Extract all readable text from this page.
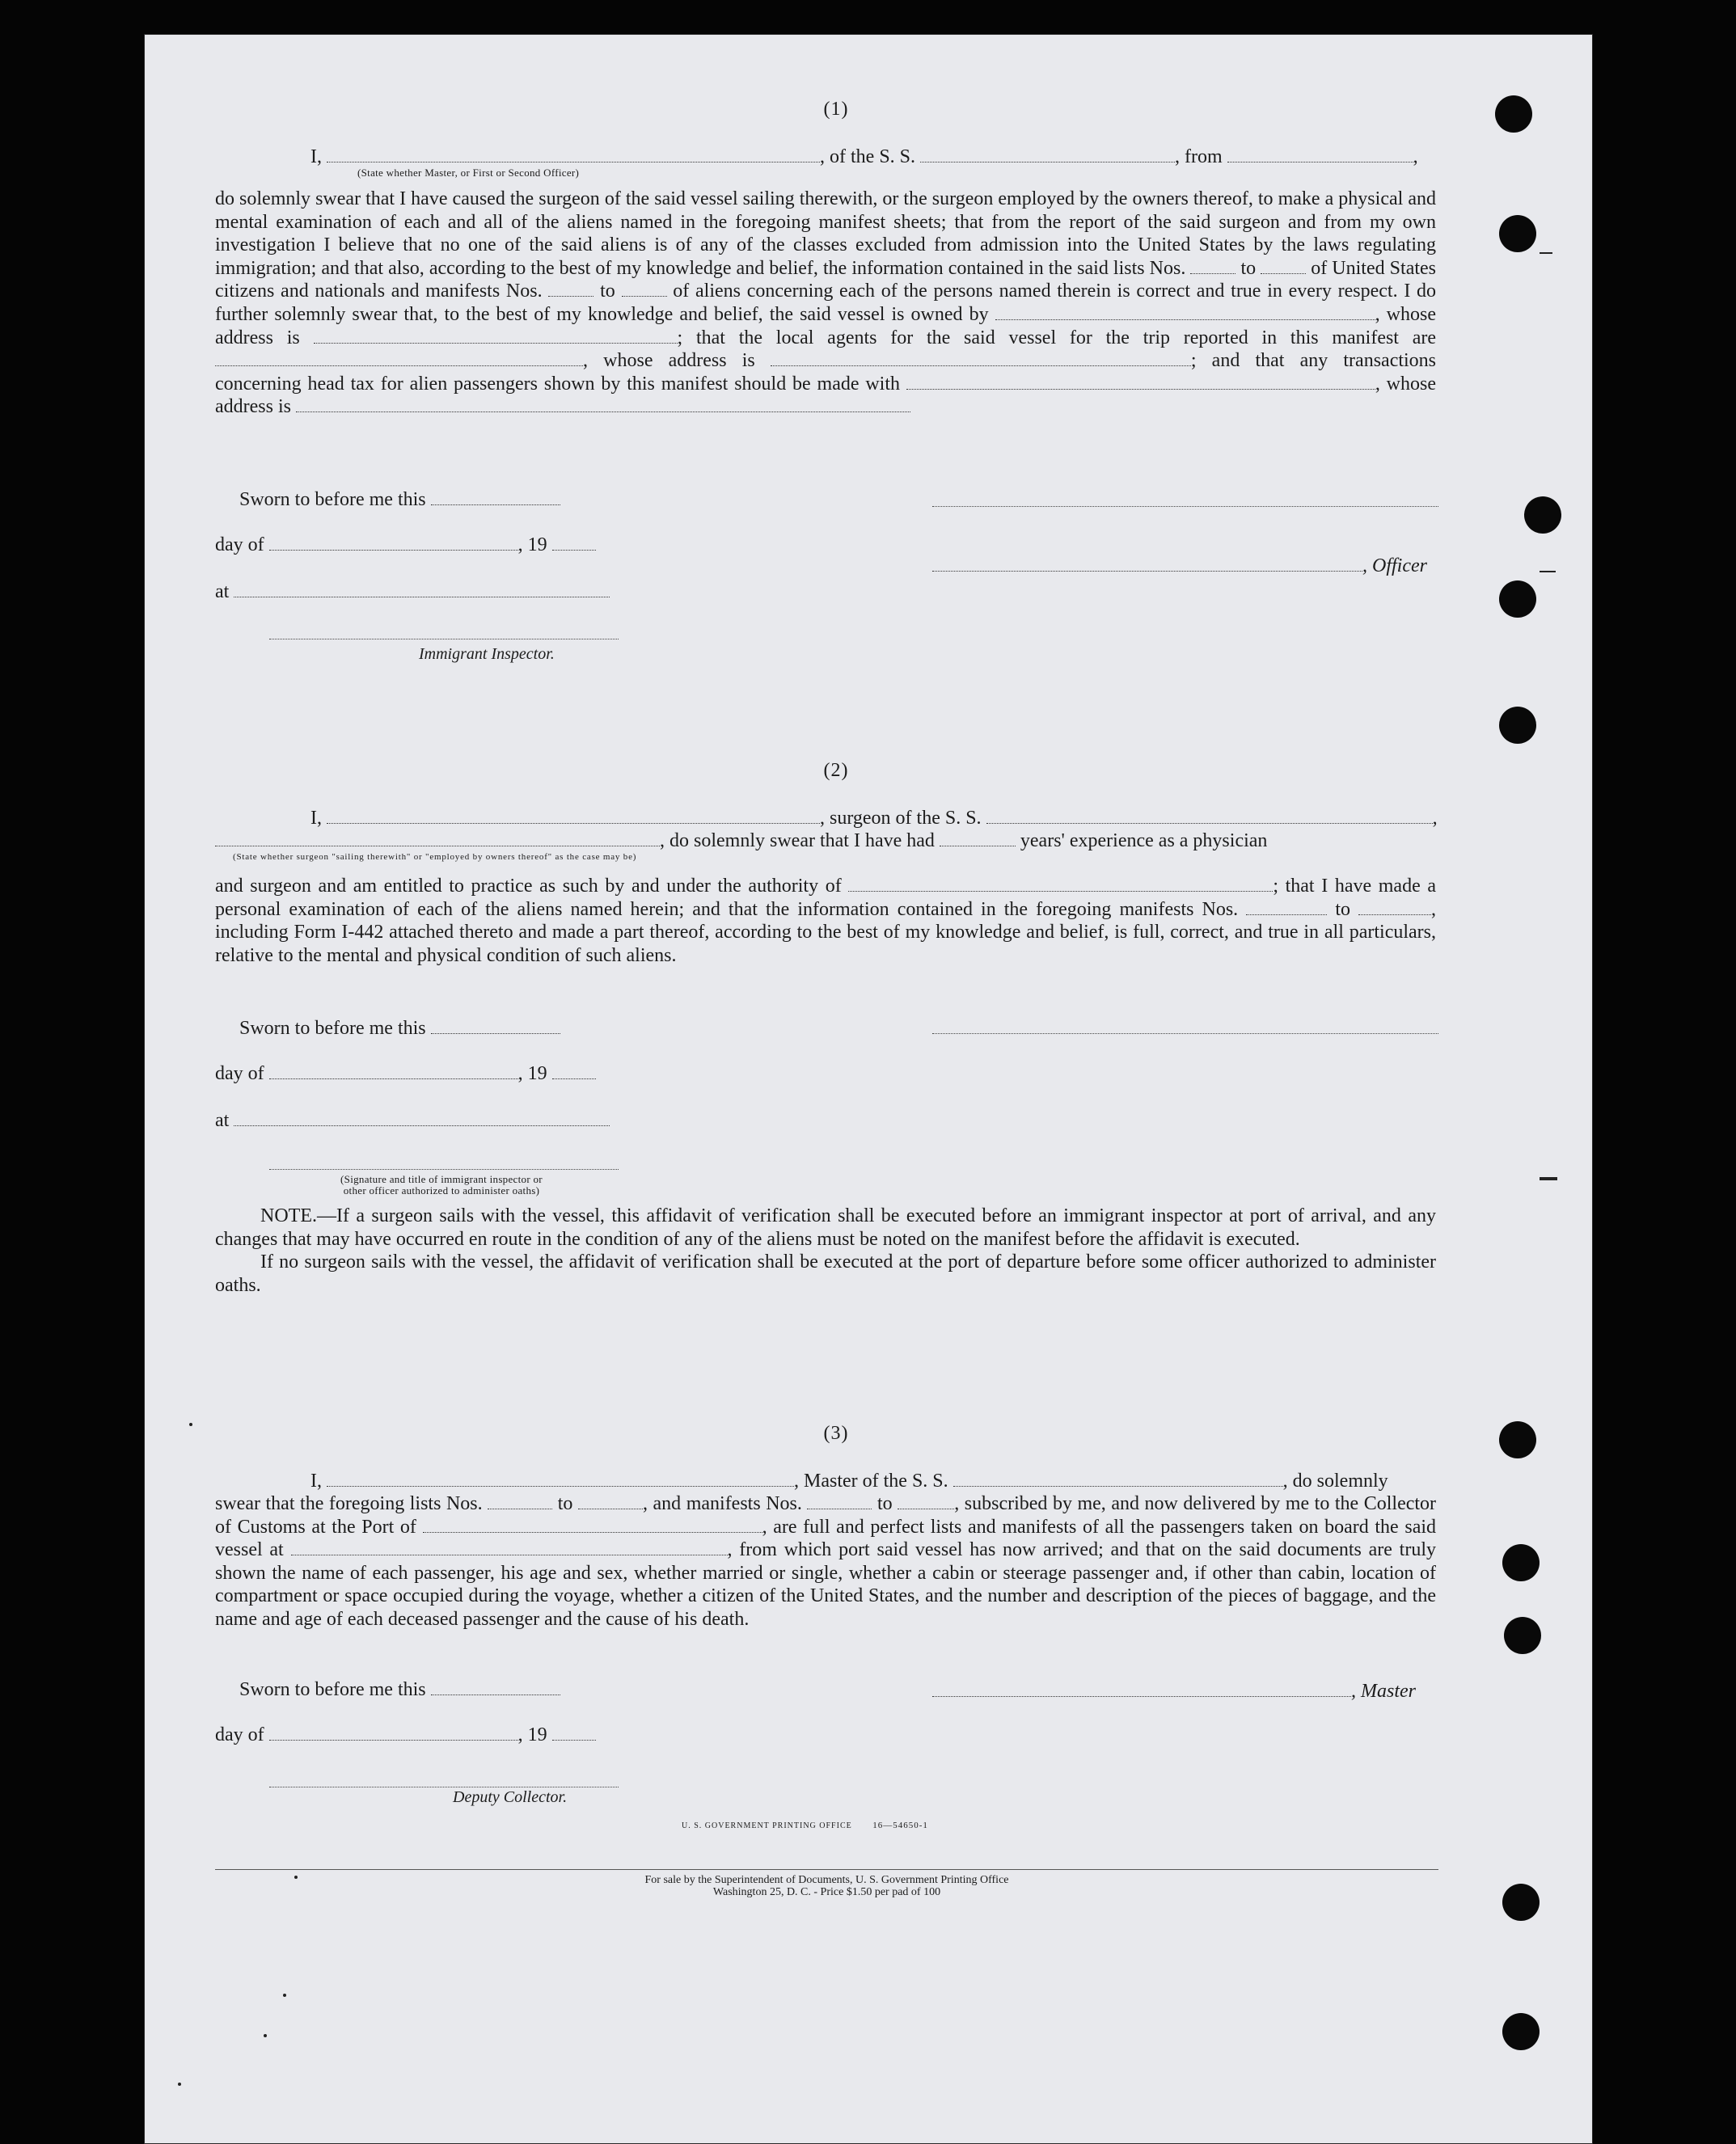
(1)
I,	, of the S. S.	, from	,
(State whether Master, or First or Second Officer)
do solemnly swear that I have caused the surgeon of the said vessel sailing therewith, or the surgeon employed by the owners thereof, to make a physical and mental examination of each and all of the aliens named in the foregoing manifest sheets; that from the report of the said surgeon and from my own investigation I believe that no one of the said aliens is of any of the classes excluded from admission into the United States by the laws regulating immigration; and that also, according to the best of my knowledge and belief, the information contained in the said lists Nos.	to	of United States citizens and nationals and manifests Nos.	to	of aliens concerning each of the persons named therein is correct and true in every respect. I do further solemnly swear that, to the best of my knowledge and belief, the said vessel is owned by	, whose address is	; that the local agents for the said vessel for the trip reported in this manifest are , whose address is	; and that any transactions concerning head tax for alien passengers shown by this manifest should be made with	, whose address is
Sworn to before me this
day of	, 19
at
Immigrant Inspector.
, Officer
(2)
I,	, surgeon of the S. S.	,
, do solemnly swear that I have had	years' experience as a physician
(State whether surgeon "sailing therewith" or "employed by owners thereof" as the case may be)
and surgeon and am entitled to practice as such by and under the authority of	; that I have made a personal examination of each of the aliens named herein; and that the information contained in the foregoing manifests Nos.	to	, including Form I-442 attached thereto and made a part thereof, according to the best of my knowledge and belief, is full, correct, and true in all particulars, relative to the mental and physical condition of such aliens.
Sworn to before me this
day of	, 19
at
(Signature and title of immigrant inspector or
other officer authorized to administer oaths)
NOTE.—If a surgeon sails with the vessel, this affidavit of verification shall be executed before an immigrant inspector at port of arrival, and any changes that may have occurred en route in the condition of any of the aliens must be noted on the manifest before the affidavit is executed.
If no surgeon sails with the vessel, the affidavit of verification shall be executed at the port of departure before some officer authorized to administer oaths.
(3)
I,	, Master of the S. S.	, do solemnly
swear that the foregoing lists Nos.	to	, and manifests Nos.	to	, subscribed by me, and now delivered by me to the Collector of Customs at the Port of	, are full and perfect lists and manifests of all the passengers taken on board the said vessel at	, from which port said vessel has now arrived; and that on the said documents are truly shown the name of each passenger, his age and sex, whether married or single, whether a cabin or steerage passenger and, if other than cabin, location of compartment or space occupied during the voyage, whether a citizen of the United States, and the number and description of the pieces of baggage, and the name and age of each deceased passenger and the cause of his death.
Sworn to before me this	, Master
day of	, 19
Deputy Collector.
U. S. GOVERNMENT PRINTING OFFICE 16—54650-1
For sale by the Superintendent of Documents, U. S. Government Printing Office
Washington 25, D. C. - Price $1.50 per pad of 100
